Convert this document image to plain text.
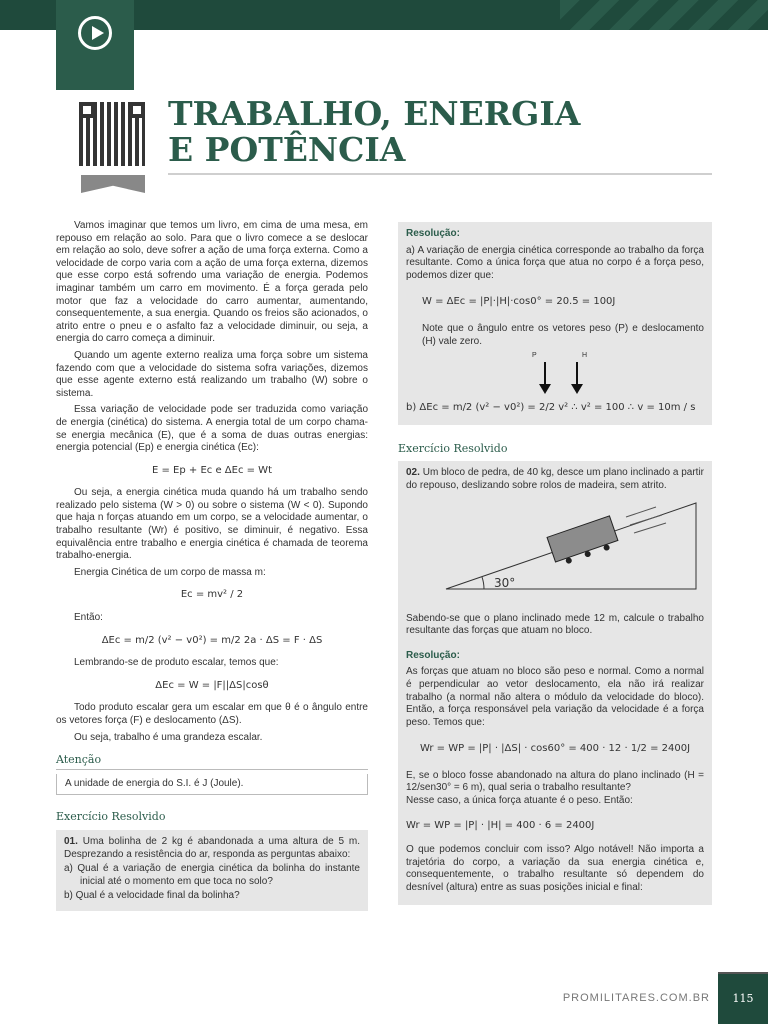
TRABALHO, ENERGIA
E POTÊNCIA

Vamos imaginar que temos um livro, em cima de uma mesa, em repouso em relação ao solo. Para que o livro comece a se deslocar em relação ao solo, deve sofrer a ação de uma força externa. Como a velocidade de corpo varia com a ação de uma força externa, dizemos que esse corpo está sofrendo uma variação de energia. Podemos imaginar também um carro em movimento. É a força gerada pelo motor que faz a velocidade do carro aumentar, aumentando, consequentemente, a sua energia. Quando os freios são acionados, o atrito entre o pneu e o asfalto faz a velocidade diminuir, ou seja, a energia do carro começa a diminuir.

Quando um agente externo realiza uma força sobre um sistema fazendo com que a velocidade do sistema sofra variações, dizemos que esse agente externo está realizando um trabalho (W) sobre o sistema.

Essa variação de velocidade pode ser traduzida como variação de energia (cinética) do sistema. A energia total de um corpo chama-se energia mecânica (E), que é a soma de duas outras energias: energia potencial (Ep) e energia cinética (Ec):

E = Ep + Ec e ΔEc = Wt

Ou seja, a energia cinética muda quando há um trabalho sendo realizado pelo sistema (W > 0) ou sobre o sistema (W < 0). Supondo que haja n forças atuando em um corpo, se a velocidade aumentar, o trabalho resultante (Wr) é positivo, se diminuir, é negativo. Essa equivalência entre trabalho e energia cinética é chamada de teorema trabalho-energia.

Energia Cinética de um corpo de massa m:

Ec = mv² / 2

Então:

ΔEc = m/2 (v² − v0²) = m/2 2a · ΔS = F · ΔS

Lembrando-se de produto escalar, temos que:

ΔEc = W = |F||ΔS|cosθ

Todo produto escalar gera um escalar em que θ é o ângulo entre os vetores força (F) e deslocamento (ΔS).

Ou seja, trabalho é uma grandeza escalar.

Atenção
A unidade de energia do S.I. é J (Joule).
Exercício Resolvido
01. Uma bolinha de 2 kg é abandonada a uma altura de 5 m. Desprezando a resistência do ar, responda as perguntas abaixo:
a) Qual é a variação de energia cinética da bolinha do instante inicial até o momento em que toca no solo?
b) Qual é a velocidade final da bolinha?
Resolução:
a) A variação de energia cinética corresponde ao trabalho da força resultante. Como a única força que atua no corpo é a força peso, podemos dizer que:
W = ΔEc = |P|·|H|·cos0° = 20.5 = 100J
Note que o ângulo entre os vetores peso (P) e deslocamento (H) vale zero.
P	H
b) ΔEc = m/2 (v² − v0²) = 2/2 v² ∴ v² = 100 ∴ v = 10m / s
Exercício Resolvido
02. Um bloco de pedra, de 40 kg, desce um plano inclinado a partir do repouso, deslizando sobre rolos de madeira, sem atrito.
30°
Sabendo-se que o plano inclinado mede 12 m, calcule o trabalho resultante das forças que atuam no bloco.
Resolução:
As forças que atuam no bloco são peso e normal. Como a normal é perpendicular ao vetor deslocamento, ela não irá realizar trabalho (a normal não altera o módulo da velocidade do bloco). Então, a força responsável pela variação da velocidade é a força peso. Temos que:
Wr = WP = |P| · |ΔS| · cos60° = 400 · 12 · 1/2 = 2400J
E, se o bloco fosse abandonado na altura do plano inclinado (H = 12/sen30° = 6 m), qual seria o trabalho resultante?
Nesse caso, a única força atuante é o peso. Então:
Wr = WP = |P| · |H| = 400 · 6 = 2400J
O que podemos concluir com isso? Algo notável! Não importa a trajetória do corpo, a variação da sua energia cinética e, consequentemente, o trabalho resultante só dependem do desnível (altura) entre as suas posições inicial e final:
PROMILITARES.COM.BR	115
